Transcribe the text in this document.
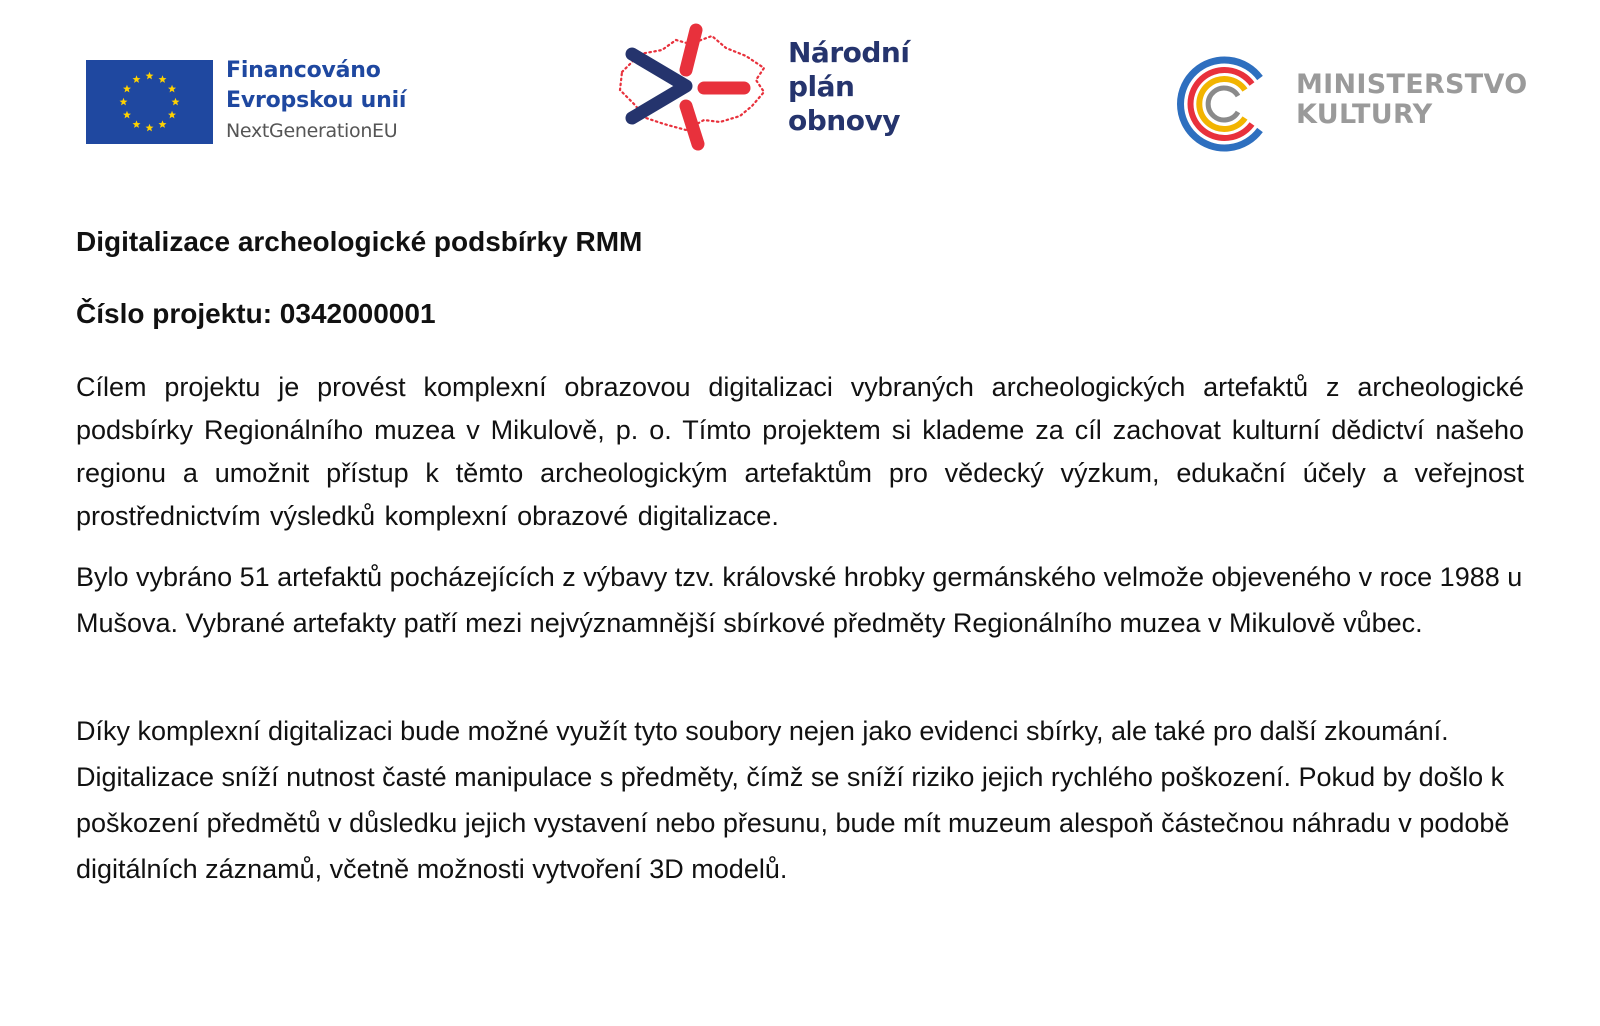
Financováno
Evropskou unií
NextGenerationEU
Národní
plán
obnovy
MINISTERSTVO
KULTURY

Digitalizace archeologické podsbírky RMM

Číslo projektu: 0342000001

Cílem projektu je provést komplexní obrazovou digitalizaci vybraných archeologických artefaktů z archeologické podsbírky Regionálního muzea v Mikulově, p. o. Tímto projektem si klademe za cíl zachovat kulturní dědictví našeho regionu a umožnit přístup k těmto archeologickým artefaktům pro vědecký výzkum, edukační účely a veřejnost prostřednictvím výsledků komplexní obrazové digitalizace.

Bylo vybráno 51 artefaktů pocházejících z výbavy tzv. královské hrobky germánského velmože objeveného v roce 1988 u Mušova. Vybrané artefakty patří mezi nejvýznamnější sbírkové předměty Regionálního muzea v Mikulově vůbec.

Díky komplexní digitalizaci bude možné využít tyto soubory nejen jako evidenci sbírky, ale také pro další zkoumání. Digitalizace sníží nutnost časté manipulace s předměty, čímž se sníží riziko jejich rychlého poškození. Pokud by došlo k poškození předmětů v důsledku jejich vystavení nebo přesunu, bude mít muzeum alespoň částečnou náhradu v podobě digitálních záznamů, včetně možnosti vytvoření 3D modelů.
